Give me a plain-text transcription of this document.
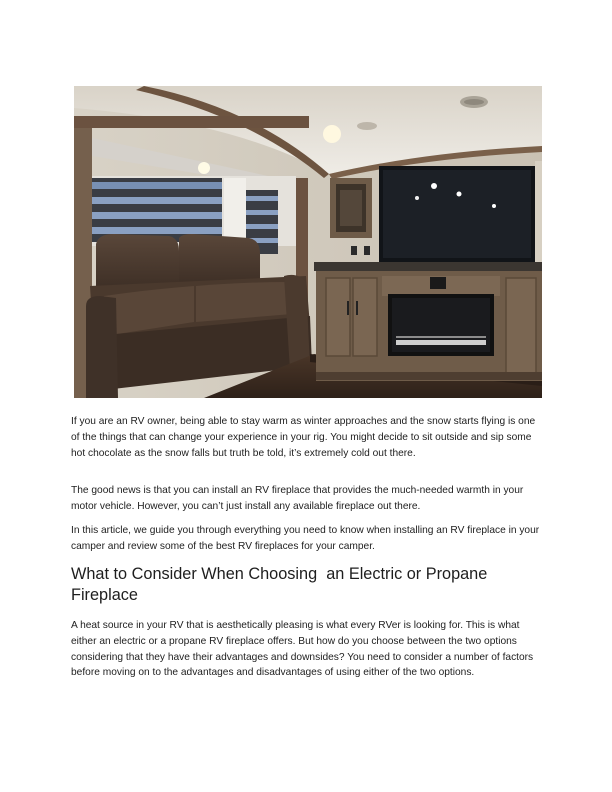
If you are an RV owner, being able to stay warm as winter approaches and the snow starts flying is one of the things that can change your experience in your rig. You might decide to sit outside and sip some hot chocolate as the snow falls but truth be told, it’s extremely cold out there.

The good news is that you can install an RV fireplace that provides the much-needed warmth in your motor vehicle. However, you can’t just install any available fireplace out there.

In this article, we guide you through everything you need to know when installing an RV fireplace in your camper and review some of the best RV fireplaces for your camper.

What to Consider When Choosing  an Electric or Propane Fireplace

A heat source in your RV that is aesthetically pleasing is what every RVer is looking for. This is what either an electric or a propane RV fireplace offers. But how do you choose between the two options considering that they have their advantages and downsides? You need to consider a number of factors before moving on to the advantages and disadvantages of using either of the two options.
